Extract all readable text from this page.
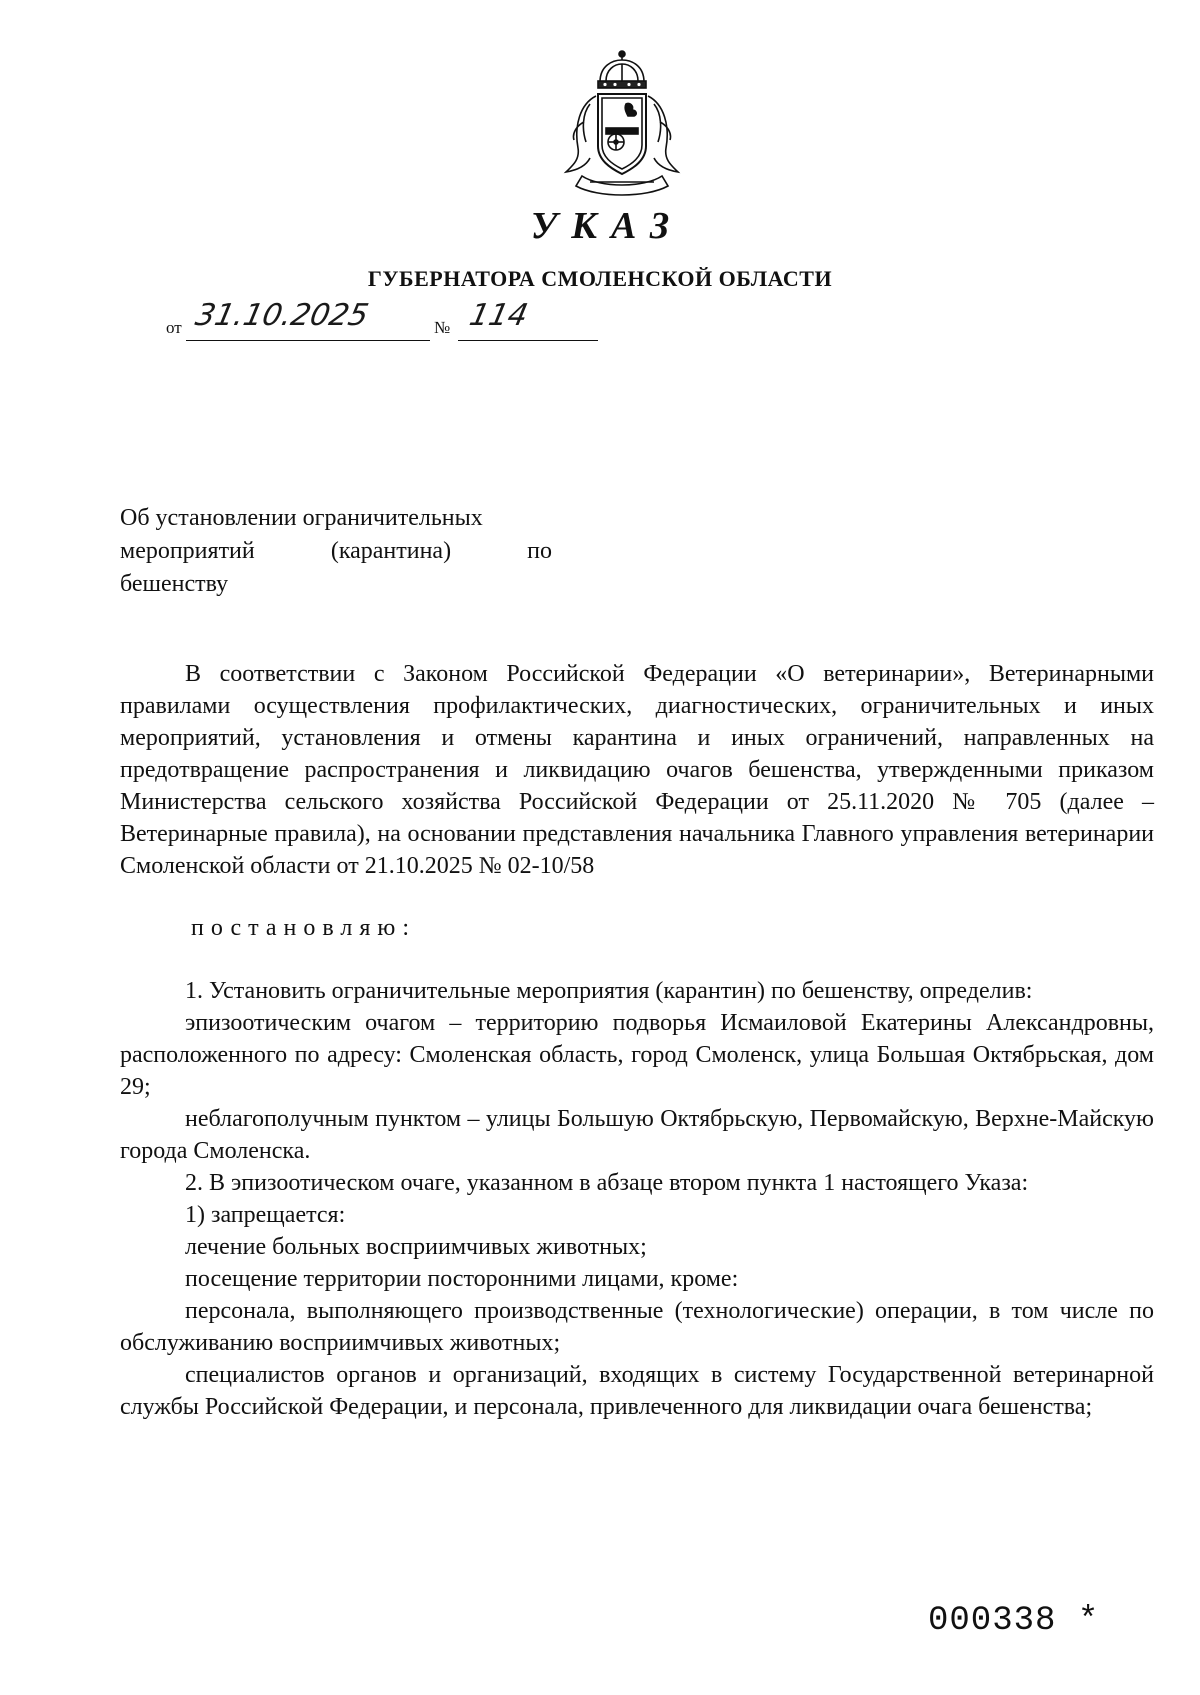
УКАЗ
ГУБЕРНАТОРА СМОЛЕНСКОЙ ОБЛАСТИ
от 31.10.2025	№ 114
Об установлении ограничительных
мероприятий (карантина) по
бешенству

В соответствии с Законом Российской Федерации «О ветеринарии», Ветеринарными правилами осуществления профилактических, диагностических, ограничительных и иных мероприятий, установления и отмены карантина и иных ограничений, направленных на предотвращение распространения и ликвидацию очагов бешенства, утвержденными приказом Министерства сельского хозяйства Российской Федерации от 25.11.2020 № 705 (далее – Ветеринарные правила), на основании представления начальника Главного управления ветеринарии Смоленской области от 21.10.2025 № 02-10/58

постановляю:

1. Установить ограничительные мероприятия (карантин) по бешенству, определив:

эпизоотическим очагом – территорию подворья Исмаиловой Екатерины Александровны, расположенного по адресу: Смоленская область, город Смоленск, улица Большая Октябрьская, дом 29;

неблагополучным пунктом – улицы Большую Октябрьскую, Первомайскую, Верхне-Майскую города Смоленска.

2. В эпизоотическом очаге, указанном в абзаце втором пункта 1 настоящего Указа:

1) запрещается:

лечение больных восприимчивых животных;

посещение территории посторонними лицами, кроме:

персонала, выполняющего производственные (технологические) операции, в том числе по обслуживанию восприимчивых животных;

специалистов органов и организаций, входящих в систему Государственной ветеринарной службы Российской Федерации, и персонала, привлеченного для ликвидации очага бешенства;

000338 *
